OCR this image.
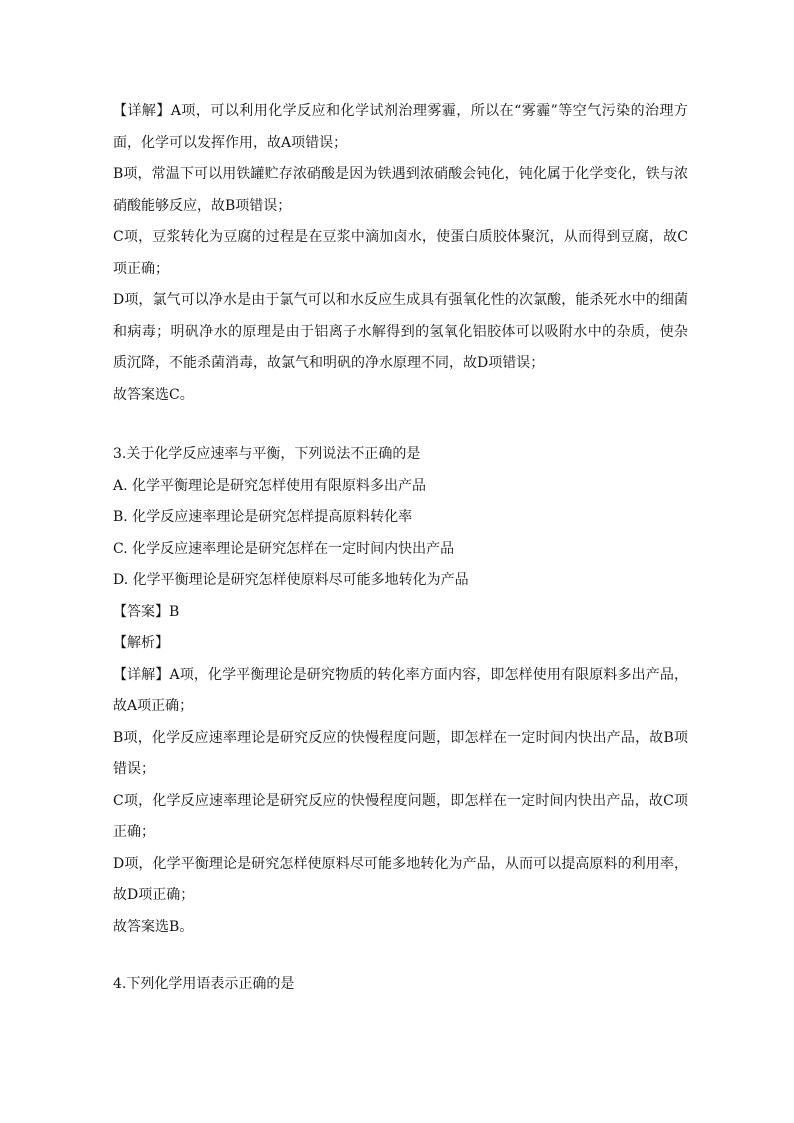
【详解】A项，可以利用化学反应和化学试剂治理雾霾，所以在“雾霾”等空气污染的治理方
面，化学可以发挥作用，故A项错误；
B项，常温下可以用铁罐贮存浓硝酸是因为铁遇到浓硝酸会钝化，钝化属于化学变化，铁与浓
硝酸能够反应，故B项错误；
C项，豆浆转化为豆腐的过程是在豆浆中滴加卤水，使蛋白质胶体聚沉，从而得到豆腐，故C
项正确；
D项，氯气可以净水是由于氯气可以和水反应生成具有强氧化性的次氯酸，能杀死水中的细菌
和病毒；明矾净水的原理是由于铝离子水解得到的氢氧化铝胶体可以吸附水中的杂质，使杂
质沉降，不能杀菌消毒，故氯气和明矾的净水原理不同，故D项错误；
故答案选C。
3.关于化学反应速率与平衡，下列说法不正确的是
A. 化学平衡理论是研究怎样使用有限原料多出产品
B. 化学反应速率理论是研究怎样提高原料转化率
C. 化学反应速率理论是研究怎样在一定时间内快出产品
D. 化学平衡理论是研究怎样使原料尽可能多地转化为产品
【答案】B
【解析】
【详解】A项，化学平衡理论是研究物质的转化率方面内容，即怎样使用有限原料多出产品，
故A项正确；
B项，化学反应速率理论是研究反应的快慢程度问题，即怎样在一定时间内快出产品，故B项
错误；
C项，化学反应速率理论是研究反应的快慢程度问题，即怎样在一定时间内快出产品，故C项
正确；
D项，化学平衡理论是研究怎样使原料尽可能多地转化为产品，从而可以提高原料的利用率，
故D项正确；
故答案选B。
4.下列化学用语表示正确的是
